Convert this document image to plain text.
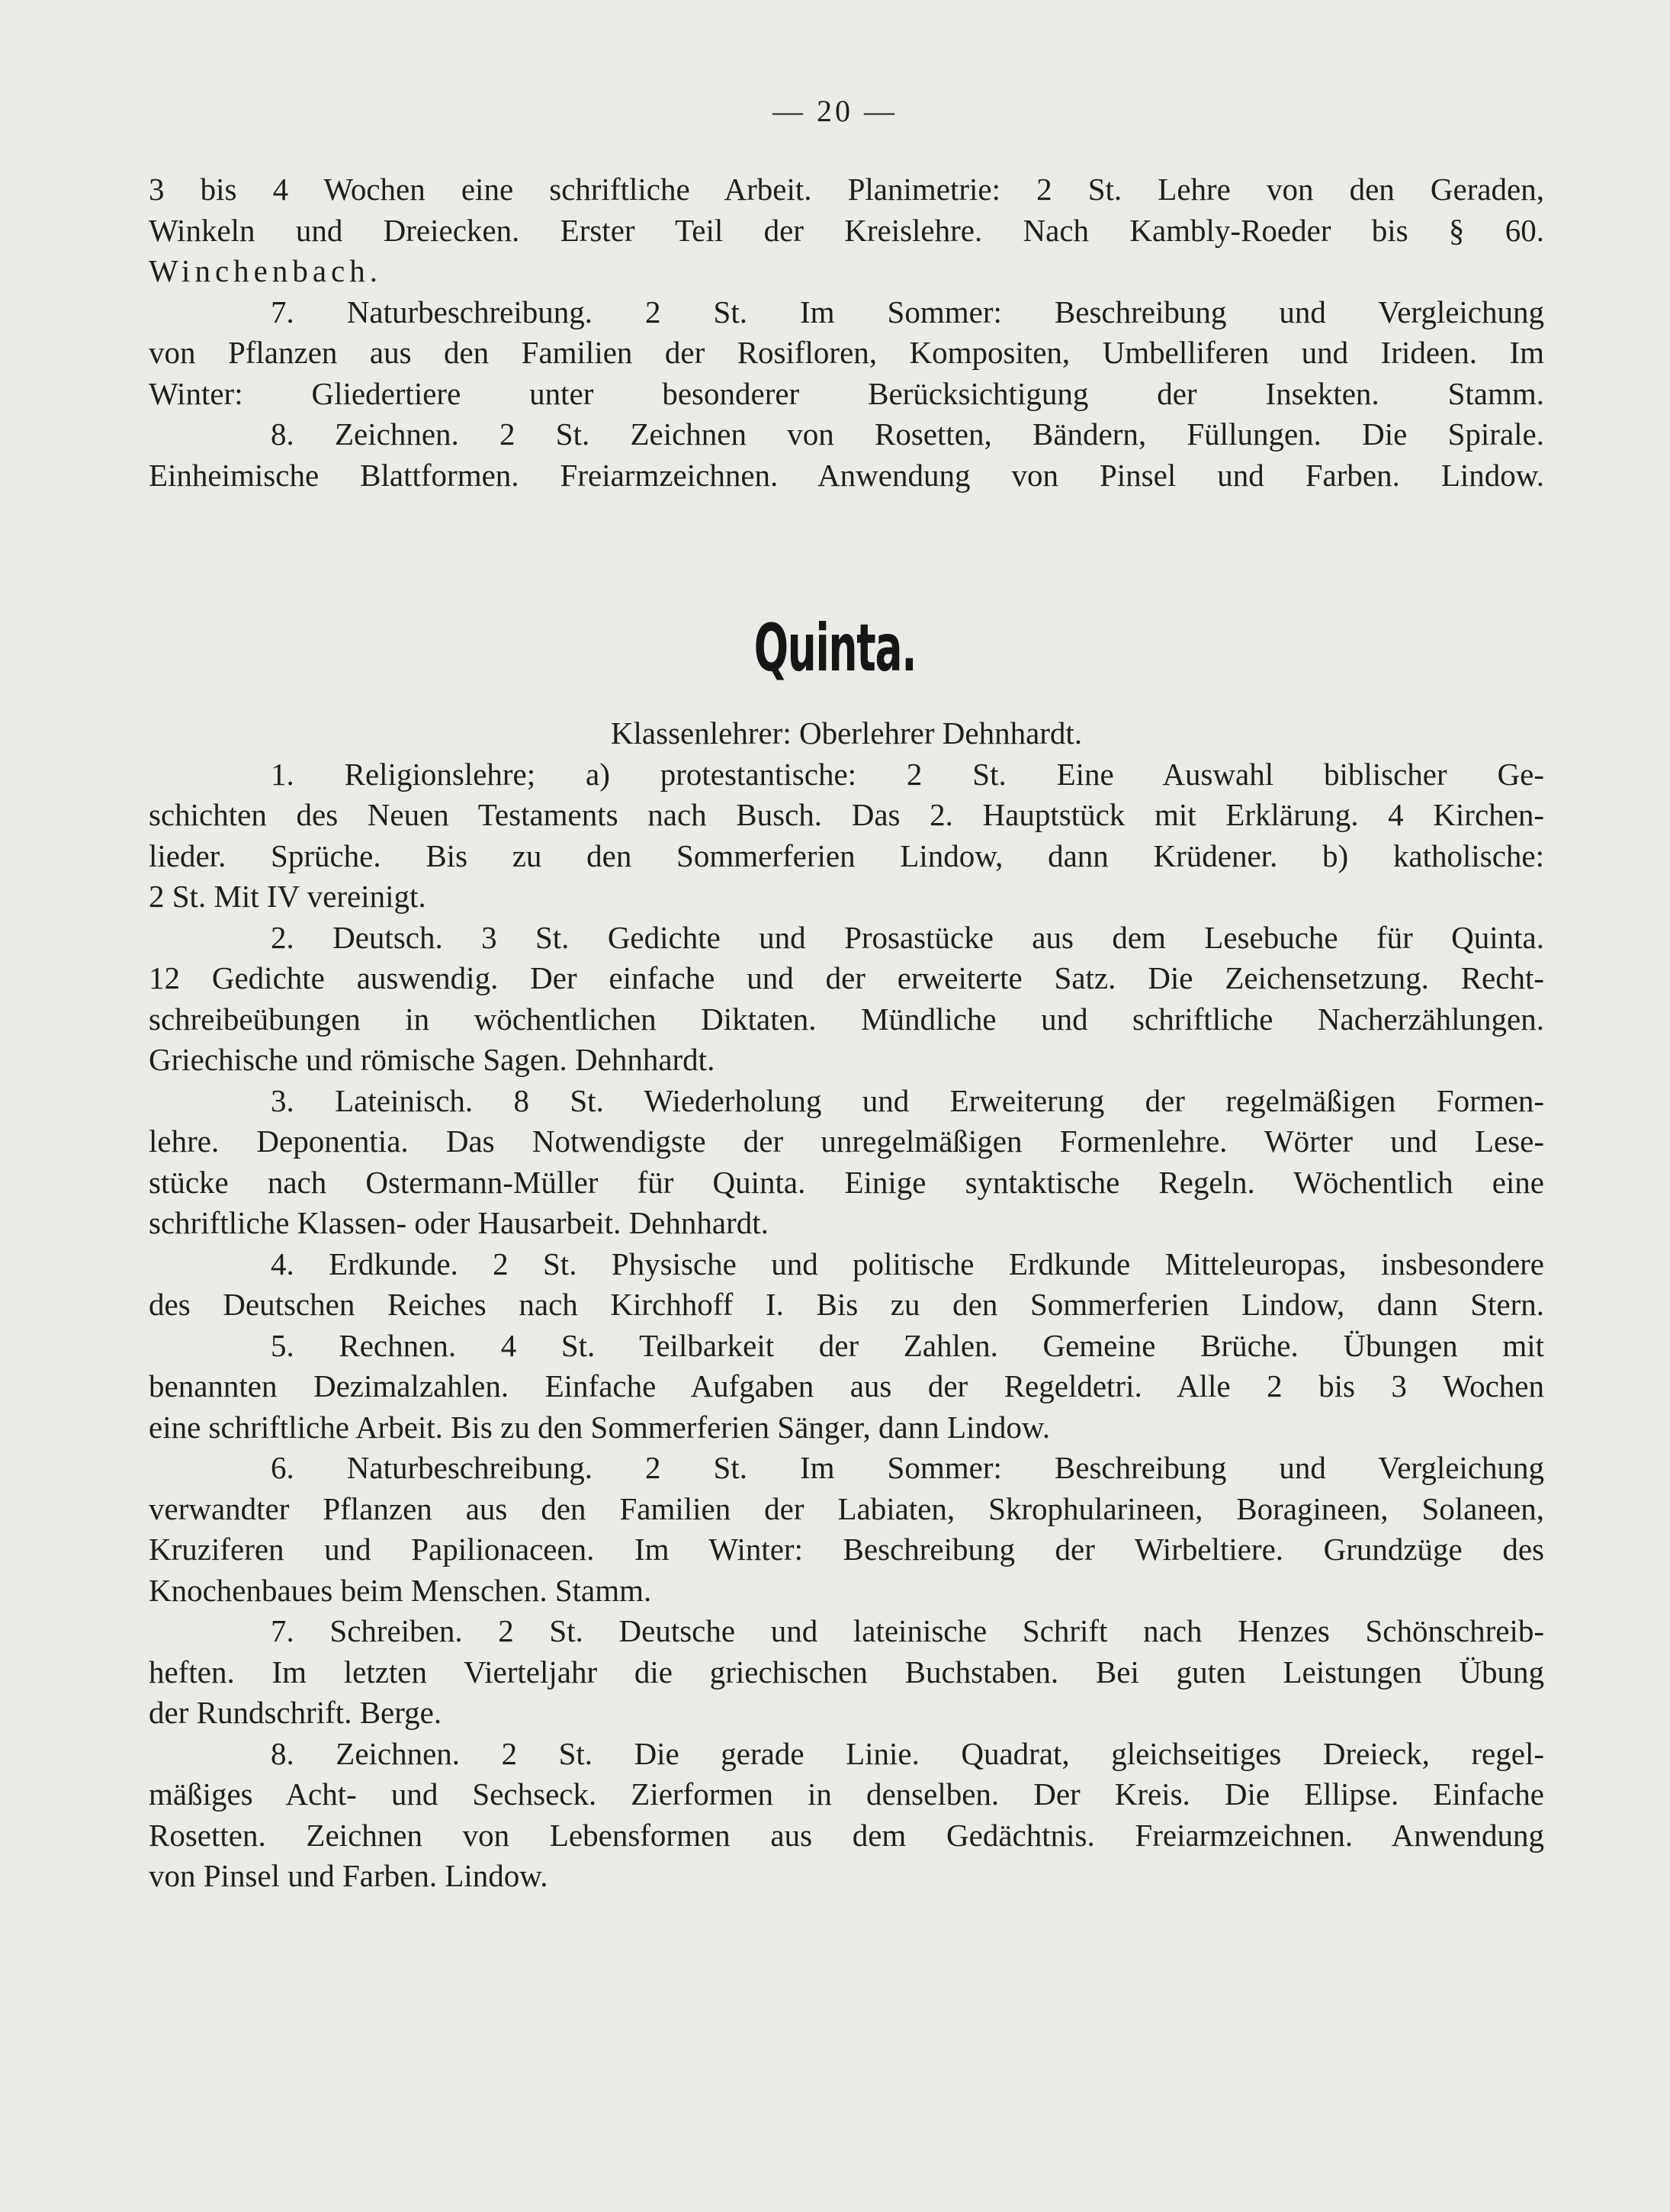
— 20 —
3 bis 4 Wochen eine schriftliche Arbeit. Planimetrie: 2 St. Lehre von den Geraden,
Winkeln und Dreiecken. Erster Teil der Kreislehre. Nach Kambly-Roeder bis § 60.
Winchenbach.
7. Naturbeschreibung. 2 St. Im Sommer: Beschreibung und Vergleichung
von Pflanzen aus den Familien der Rosifloren, Kompositen, Umbelliferen und Irideen. Im
Winter: Gliedertiere unter besonderer Berücksichtigung der Insekten. Stamm.
8. Zeichnen. 2 St. Zeichnen von Rosetten, Bändern, Füllungen. Die Spirale.
Einheimische Blattformen. Freiarmzeichnen. Anwendung von Pinsel und Farben. Lindow.
Quinta.
Klassenlehrer: Oberlehrer Dehnhardt.
1. Religionslehre; a) protestantische: 2 St. Eine Auswahl biblischer Ge-
schichten des Neuen Testaments nach Busch. Das 2. Hauptstück mit Erklärung. 4 Kirchen-
lieder. Sprüche. Bis zu den Sommerferien Lindow, dann Krüdener. b) katholische:
2 St. Mit IV vereinigt.
2. Deutsch. 3 St. Gedichte und Prosastücke aus dem Lesebuche für Quinta.
12 Gedichte auswendig. Der einfache und der erweiterte Satz. Die Zeichensetzung. Recht-
schreibeübungen in wöchentlichen Diktaten. Mündliche und schriftliche Nacherzählungen.
Griechische und römische Sagen. Dehnhardt.
3. Lateinisch. 8 St. Wiederholung und Erweiterung der regelmäßigen Formen-
lehre. Deponentia. Das Notwendigste der unregelmäßigen Formenlehre. Wörter und Lese-
stücke nach Ostermann-Müller für Quinta. Einige syntaktische Regeln. Wöchentlich eine
schriftliche Klassen- oder Hausarbeit. Dehnhardt.
4. Erdkunde. 2 St. Physische und politische Erdkunde Mitteleuropas, insbesondere
des Deutschen Reiches nach Kirchhoff I. Bis zu den Sommerferien Lindow, dann Stern.
5. Rechnen. 4 St. Teilbarkeit der Zahlen. Gemeine Brüche. Übungen mit
benannten Dezimalzahlen. Einfache Aufgaben aus der Regeldetri. Alle 2 bis 3 Wochen
eine schriftliche Arbeit. Bis zu den Sommerferien Sänger, dann Lindow.
6. Naturbeschreibung. 2 St. Im Sommer: Beschreibung und Vergleichung
verwandter Pflanzen aus den Familien der Labiaten, Skrophularineen, Boragineen, Solaneen,
Kruziferen und Papilionaceen. Im Winter: Beschreibung der Wirbeltiere. Grundzüge des
Knochenbaues beim Menschen. Stamm.
7. Schreiben. 2 St. Deutsche und lateinische Schrift nach Henzes Schönschreib-
heften. Im letzten Vierteljahr die griechischen Buchstaben. Bei guten Leistungen Übung
der Rundschrift. Berge.
8. Zeichnen. 2 St. Die gerade Linie. Quadrat, gleichseitiges Dreieck, regel-
mäßiges Acht- und Sechseck. Zierformen in denselben. Der Kreis. Die Ellipse. Einfache
Rosetten. Zeichnen von Lebensformen aus dem Gedächtnis. Freiarmzeichnen. Anwendung
von Pinsel und Farben. Lindow.
